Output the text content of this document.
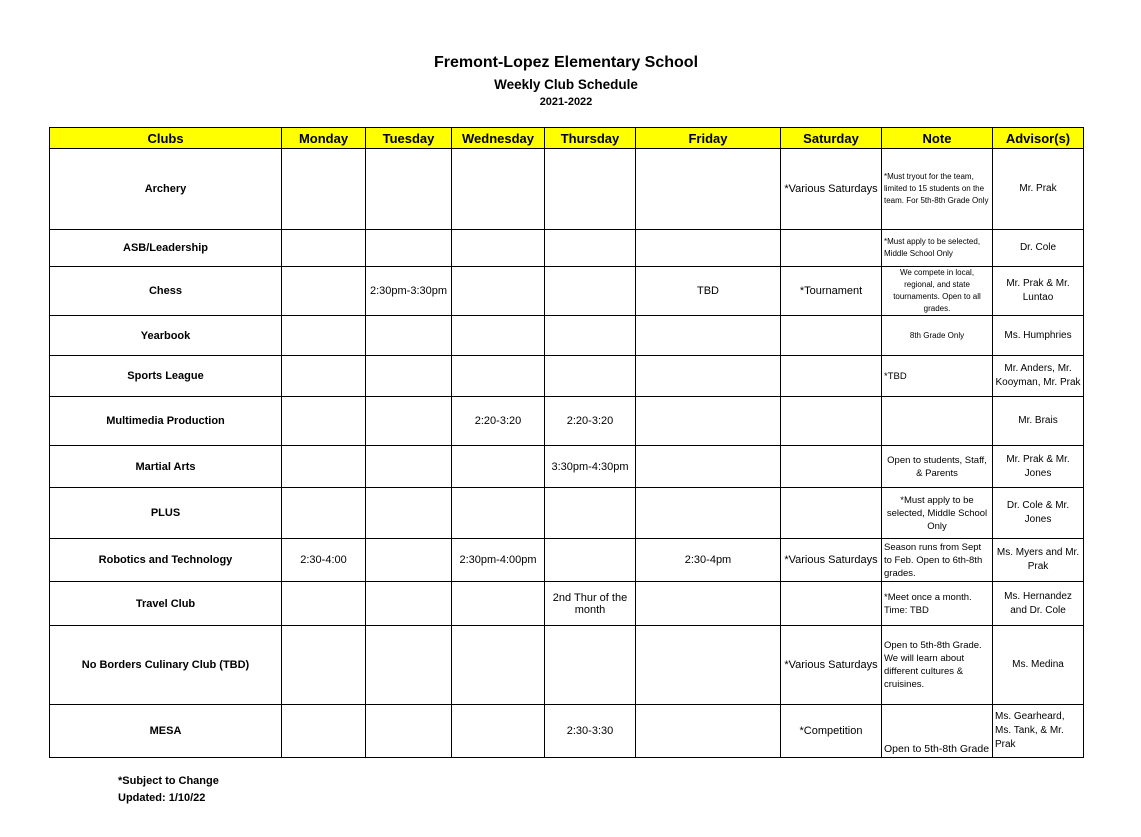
Fremont-Lopez Elementary School
Weekly Club Schedule
2021-2022
Clubs	Monday	Tuesday	Wednesday	Thursday	Friday	Saturday	Note	Advisor(s)
Archery						*Various Saturdays	*Must tryout for the team, limited to 15 students on the team. For 5th-8th Grade Only	Mr. Prak
ASB/Leadership							*Must apply to be selected, Middle School Only	Dr. Cole
Chess		2:30pm-3:30pm			TBD	*Tournament	We compete in local, regional, and state tournaments. Open to all grades.	Mr. Prak & Mr. Luntao
Yearbook							8th Grade Only	Ms. Humphries
Sports League							*TBD	Mr. Anders, Mr. Kooyman, Mr. Prak
Multimedia Production			2:20-3:20	2:20-3:20				Mr. Brais
Martial Arts				3:30pm-4:30pm			Open to students, Staff, & Parents	Mr. Prak & Mr. Jones
PLUS							*Must apply to be selected, Middle School Only	Dr. Cole & Mr. Jones
Robotics and Technology	2:30-4:00		2:30pm-4:00pm		2:30-4pm	*Various Saturdays	Season runs from Sept to Feb. Open to 6th-8th grades.	Ms. Myers and Mr. Prak
Travel Club				2nd Thur of the month			*Meet once a month. Time: TBD	Ms. Hernandez and Dr. Cole
No Borders Culinary Club (TBD)						*Various Saturdays	Open to 5th-8th Grade. We will learn about different cultures & cruisines.	Ms. Medina
MESA				2:30-3:30		*Competition	Open to 5th-8th Grade	Ms. Gearheard, Ms. Tank, & Mr. Prak
*Subject to Change
Updated: 1/10/22
